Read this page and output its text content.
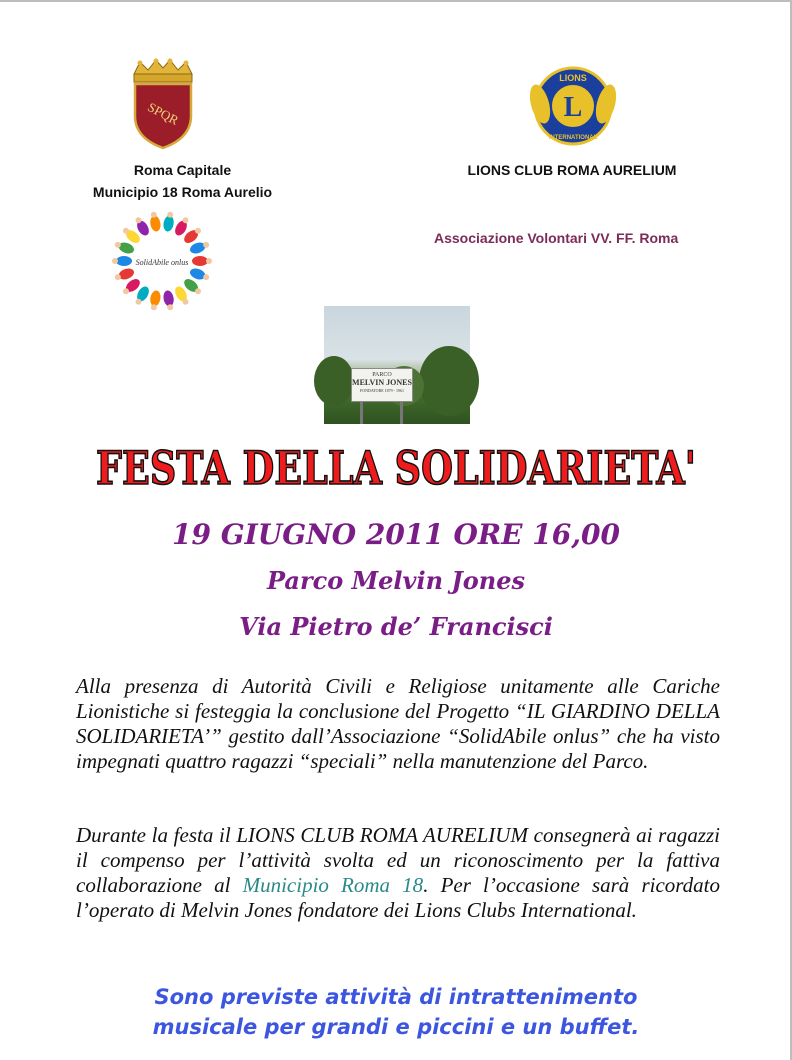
SPQR	L
LIONS
INTERNATIONAL
Roma Capitale
Municipio 18 Roma Aurelio
LIONS CLUB ROMA AURELIUM
Associazione Volontari VV. FF. Roma
SolidAbile onlus
PARCO
MELVIN JONES
FONDATORE 1879 - 1961
FESTA DELLA SOLIDARIETA'
19 GIUGNO 2011 ORE 16,00
Parco Melvin Jones
Via Pietro de’ Francisci

Alla presenza di Autorità Civili e Religiose unitamente alle Cariche Lionistiche si festeggia la conclusione del Progetto “IL GIARDINO DELLA SOLIDARIETA’” gestito dall’Associazione “SolidAbile onlus” che ha visto impegnati quattro ragazzi “speciali” nella manutenzione del Parco.

Durante la festa il LIONS CLUB ROMA AURELIUM consegnerà ai ragazzi il compenso per l’attività svolta ed un riconoscimento per la fattiva collaborazione al Municipio Roma 18. Per l’occasione sarà ricordato l’operato di Melvin Jones fondatore dei Lions Clubs International.

Sono previste attività di intrattenimento
musicale per grandi e piccini e un buffet.
